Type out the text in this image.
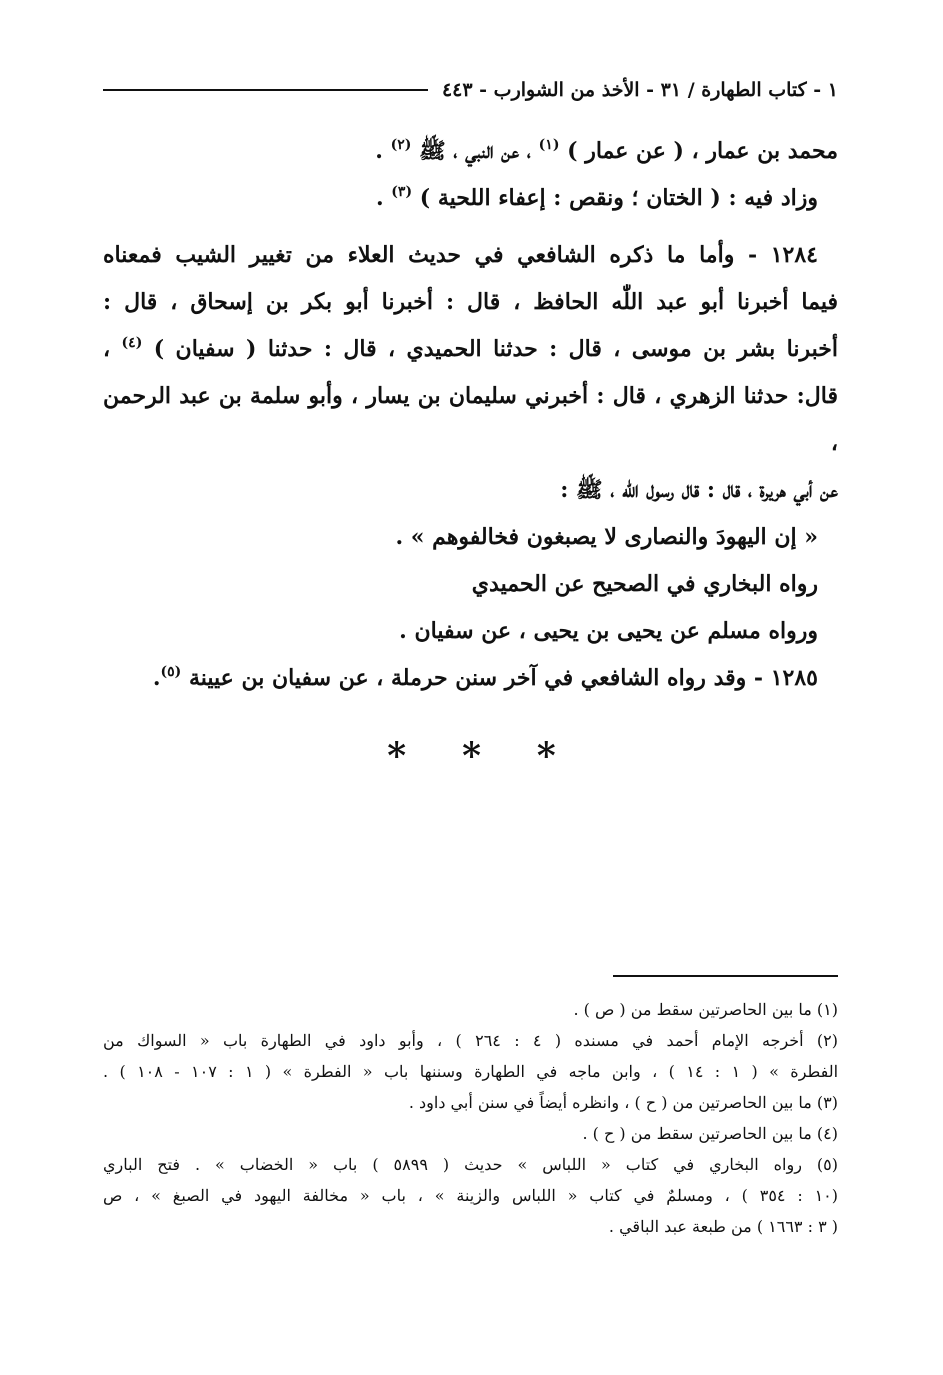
١ - كتاب الطهارة / ٣١ - الأخذ من الشوارب - ٤٤٣
محمد بن عمار ، ( عن عمار ) $^{(١)}$ ، عن النبي ، ﷺ $^{(٢)}$ .
وزاد فيه : ( الختان ؛ ونقص : إعفاء اللحية ) $^{(٣)}$ .
١٢٨٤ - وأما ما ذكره الشافعي في حديث العلاء من تغيير الشيب فمعناه
فيما أخبرنا أبو عبد اللّٰه الحافظ ، قال : أخبرنا أبو بكر بن إسحاق ، قال :
أخبرنا بشر بن موسى ، قال : حدثنا الحميدي ، قال : حدثنا ( سفيان ) $^{(٤)}$ ،
قال: حدثنا الزهري ، قال : أخبرني سليمان بن يسار ، وأبو سلمة بن عبد الرحمن ،
عن أبي هريرة ، قال : قال رسول اللّٰه ، ﷺ :
« إن اليهودَ والنصارى لا يصبغون فخالفوهم » .
رواه البخاري في الصحيح عن الحميدي
ورواه مسلم عن يحيى بن يحيى ، عن سفيان .
١٢٨٥ - وقد رواه الشافعي في آخر سنن حرملة ، عن سفيان بن عيينة $^{(٥)}$.
* * *
(١) ما بين الحاصرتين سقط من ( ص ) .
(٢) أخرجه الإمام أحمد في مسنده ( ٤ : ٢٦٤ ) ، وأبو داود في الطهارة باب « السواك من
الفطرة » ( ١ : ١٤ ) ، وابن ماجه في الطهارة وسننها باب « الفطرة » ( ١ : ١٠٧ - ١٠٨ ) .
(٣) ما بين الحاصرتين من ( ح ) ، وانظره أيضاً في سنن أبي داود .
(٤) ما بين الحاصرتين سقط من ( ح ) .
(٥) رواه البخاري في كتاب « اللباس » حديث ( ٥٨٩٩ ) باب « الخضاب » . فتح الباري
(١٠ : ٣٥٤ ) ، ومسلمٌ في كتاب « اللباس والزينة » ، باب « مخالفة اليهود في الصبغ » ، ص
( ٣ : ١٦٦٣ ) من طبعة عبد الباقي .
